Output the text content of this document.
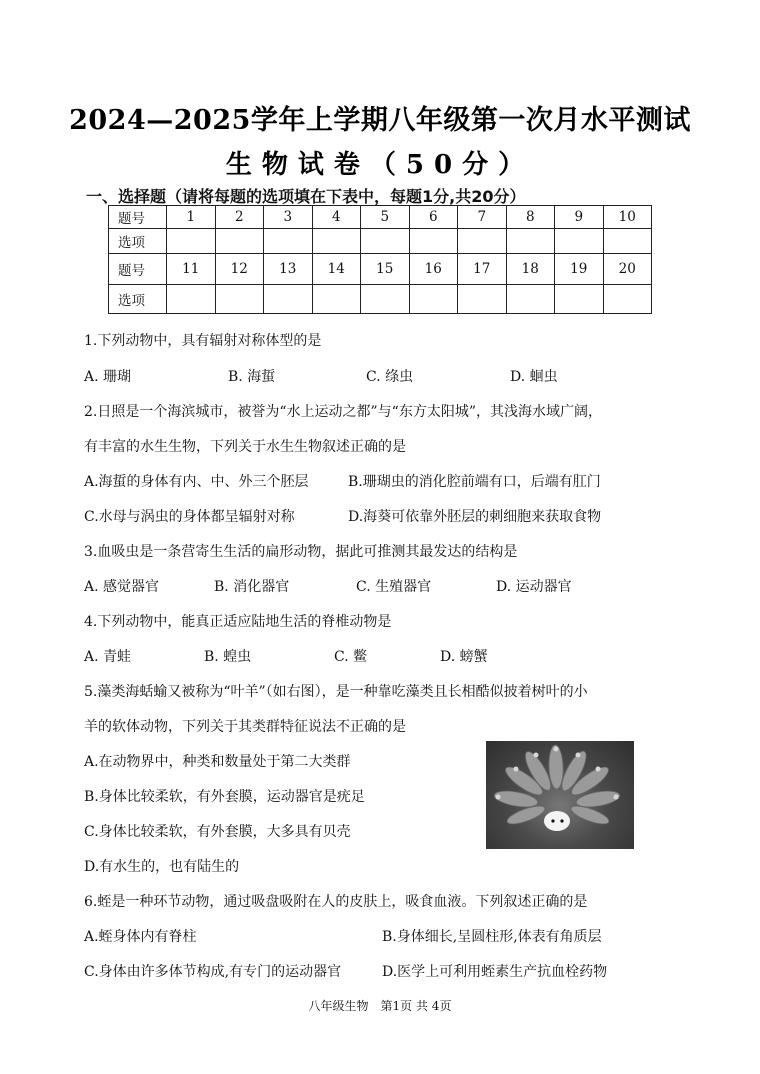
2024—2025学年上学期八年级第一次月水平测试
生物试卷（50分）
一、选择题（请将每题的选项填在下表中，每题1分,共20分）
题号	1	2	3	4	5	6	7	8	9	10
选项										
题号	11	12	13	14	15	16	17	18	19	20
选项										
1.下列动物中，具有辐射对称体型的是
A. 珊瑚	B. 海蜇	C. 绦虫	D. 蛔虫
2.日照是一个海滨城市，被誉为“水上运动之都”与“东方太阳城”，其浅海水域广阔，
有丰富的水生生物，下列关于水生生物叙述正确的是
A.海蜇的身体有内、中、外三个胚层	B.珊瑚虫的消化腔前端有口，后端有肛门
C.水母与涡虫的身体都呈辐射对称	D.海葵可依靠外胚层的刺细胞来获取食物
3.血吸虫是一条营寄生生活的扁形动物，据此可推测其最发达的结构是
A. 感觉器官	B. 消化器官	C. 生殖器官	D. 运动器官
4.下列动物中，能真正适应陆地生活的脊椎动物是
A. 青蛙	B. 蝗虫	C. 鳖	D. 螃蟹
5.藻类海蛞蝓又被称为“叶羊”（如右图），是一种靠吃藻类且长相酷似披着树叶的小
羊的软体动物，下列关于其类群特征说法不正确的是
A.在动物界中，种类和数量处于第二大类群
B.身体比较柔软，有外套膜，运动器官是疣足
C.身体比较柔软，有外套膜，大多具有贝壳
D.有水生的，也有陆生的
6.蛭是一种环节动物，通过吸盘吸附在人的皮肤上，吸食血液。下列叙述正确的是
A.蛭身体内有脊柱	B.身体细长,呈圆柱形,体表有角质层
C.身体由许多体节构成,有专门的运动器官	D.医学上可利用蛭素生产抗血栓药物
八年级生物　第1页 共 4页
